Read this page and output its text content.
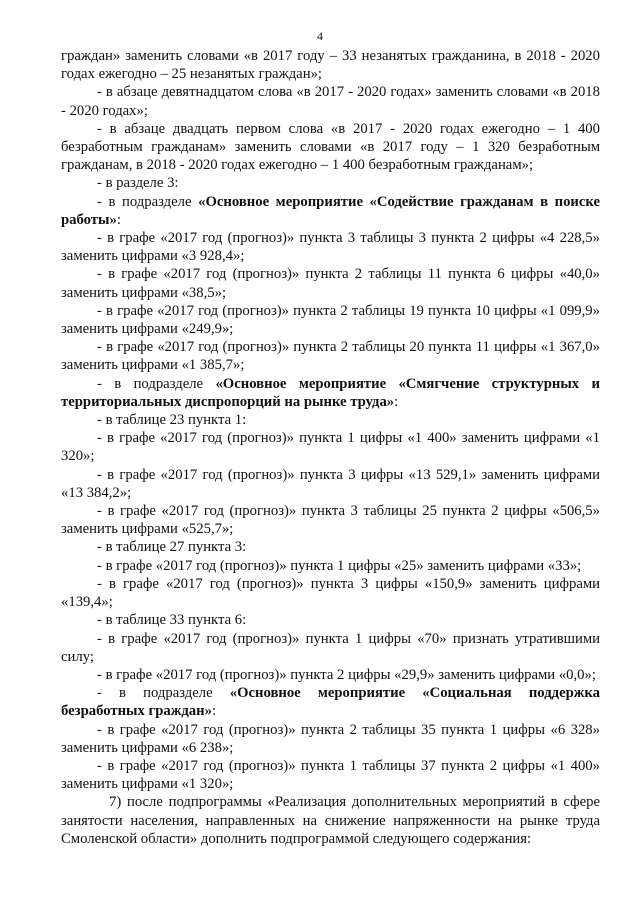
4

граждан» заменить словами «в 2017 году – 33 незанятых гражданина, в 2018 - 2020 годах ежегодно – 25 незанятых граждан»;

- в абзаце девятнадцатом слова «в 2017 - 2020 годах» заменить словами «в 2018 - 2020 годах»;

- в абзаце двадцать первом слова «в 2017 - 2020 годах ежегодно – 1 400 безработным гражданам» заменить словами «в 2017 году – 1 320 безработным гражданам, в 2018 - 2020 годах ежегодно – 1 400 безработным гражданам»;

- в разделе 3:

- в подразделе «Основное мероприятие «Содействие гражданам в поиске работы»:

- в графе «2017 год (прогноз)» пункта 3 таблицы 3 пункта 2 цифры «4 228,5» заменить цифрами «3 928,4»;

- в графе «2017 год (прогноз)» пункта 2 таблицы 11 пункта 6 цифры «40,0» заменить цифрами «38,5»;

- в графе «2017 год (прогноз)» пункта 2 таблицы 19 пункта 10 цифры «1 099,9» заменить цифрами «249,9»;

- в графе «2017 год (прогноз)» пункта 2 таблицы 20 пункта 11 цифры «1 367,0» заменить цифрами «1 385,7»;

- в подразделе «Основное мероприятие «Смягчение структурных и территориальных диспропорций на рынке труда»:

- в таблице 23 пункта 1:

- в графе «2017 год (прогноз)» пункта 1 цифры «1 400» заменить цифрами «1 320»;

- в графе «2017 год (прогноз)» пункта 3 цифры «13 529,1» заменить цифрами «13 384,2»;

- в графе «2017 год (прогноз)» пункта 3 таблицы 25 пункта 2 цифры «506,5» заменить цифрами «525,7»;

- в таблице 27 пункта 3:

- в графе «2017 год (прогноз)» пункта 1 цифры «25» заменить цифрами «33»;

- в графе «2017 год (прогноз)» пункта 3 цифры «150,9» заменить цифрами «139,4»;

- в таблице 33 пункта 6:

- в графе «2017 год (прогноз)» пункта 1 цифры «70» признать утратившими силу;

- в графе «2017 год (прогноз)» пункта 2 цифры «29,9» заменить цифрами «0,0»;

- в подразделе «Основное мероприятие «Социальная поддержка безработных граждан»:

- в графе «2017 год (прогноз)» пункта 2 таблицы 35 пункта 1 цифры «6 328» заменить цифрами «6 238»;

- в графе «2017 год (прогноз)» пункта 1 таблицы 37 пункта 2 цифры «1 400» заменить цифрами «1 320»;

7) после подпрограммы «Реализация дополнительных мероприятий в сфере занятости населения, направленных на снижение напряженности на рынке труда Смоленской области» дополнить подпрограммой следующего содержания:
